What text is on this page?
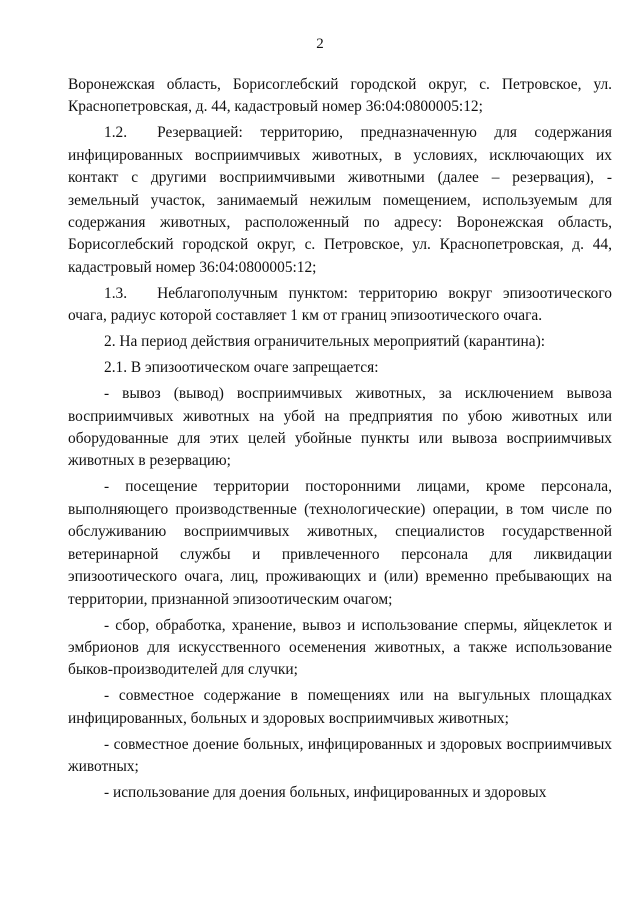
2

Воронежская область, Борисоглебский городской округ, с. Петровское, ул. Краснопетровская, д. 44, кадастровый номер 36:04:0800005:12;

1.2. Резервацией: территорию, предназначенную для содержания инфицированных восприимчивых животных, в условиях, исключающих их контакт с другими восприимчивыми животными (далее – резервация), - земельный участок, занимаемый нежилым помещением, используемым для содержания животных, расположенный по адресу: Воронежская область, Борисоглебский городской округ, с. Петровское, ул. Краснопетровская, д. 44, кадастровый номер 36:04:0800005:12;

1.3. Неблагополучным пунктом: территорию вокруг эпизоотического очага, радиус которой составляет 1 км от границ эпизоотического очага.

2. На период действия ограничительных мероприятий (карантина):

2.1. В эпизоотическом очаге запрещается:

- вывоз (вывод) восприимчивых животных, за исключением вывоза восприимчивых животных на убой на предприятия по убою животных или оборудованные для этих целей убойные пункты или вывоза восприимчивых животных в резервацию;

- посещение территории посторонними лицами, кроме персонала, выполняющего производственные (технологические) операции, в том числе по обслуживанию восприимчивых животных, специалистов государственной ветеринарной службы и привлеченного персонала для ликвидации эпизоотического очага, лиц, проживающих и (или) временно пребывающих на территории, признанной эпизоотическим очагом;

- сбор, обработка, хранение, вывоз и использование спермы, яйцеклеток и эмбрионов для искусственного осеменения животных, а также использование быков-производителей для случки;

- совместное содержание в помещениях или на выгульных площадках инфицированных, больных и здоровых восприимчивых животных;

- совместное доение больных, инфицированных и здоровых восприимчивых животных;

- использование для доения больных, инфицированных и здоровых
